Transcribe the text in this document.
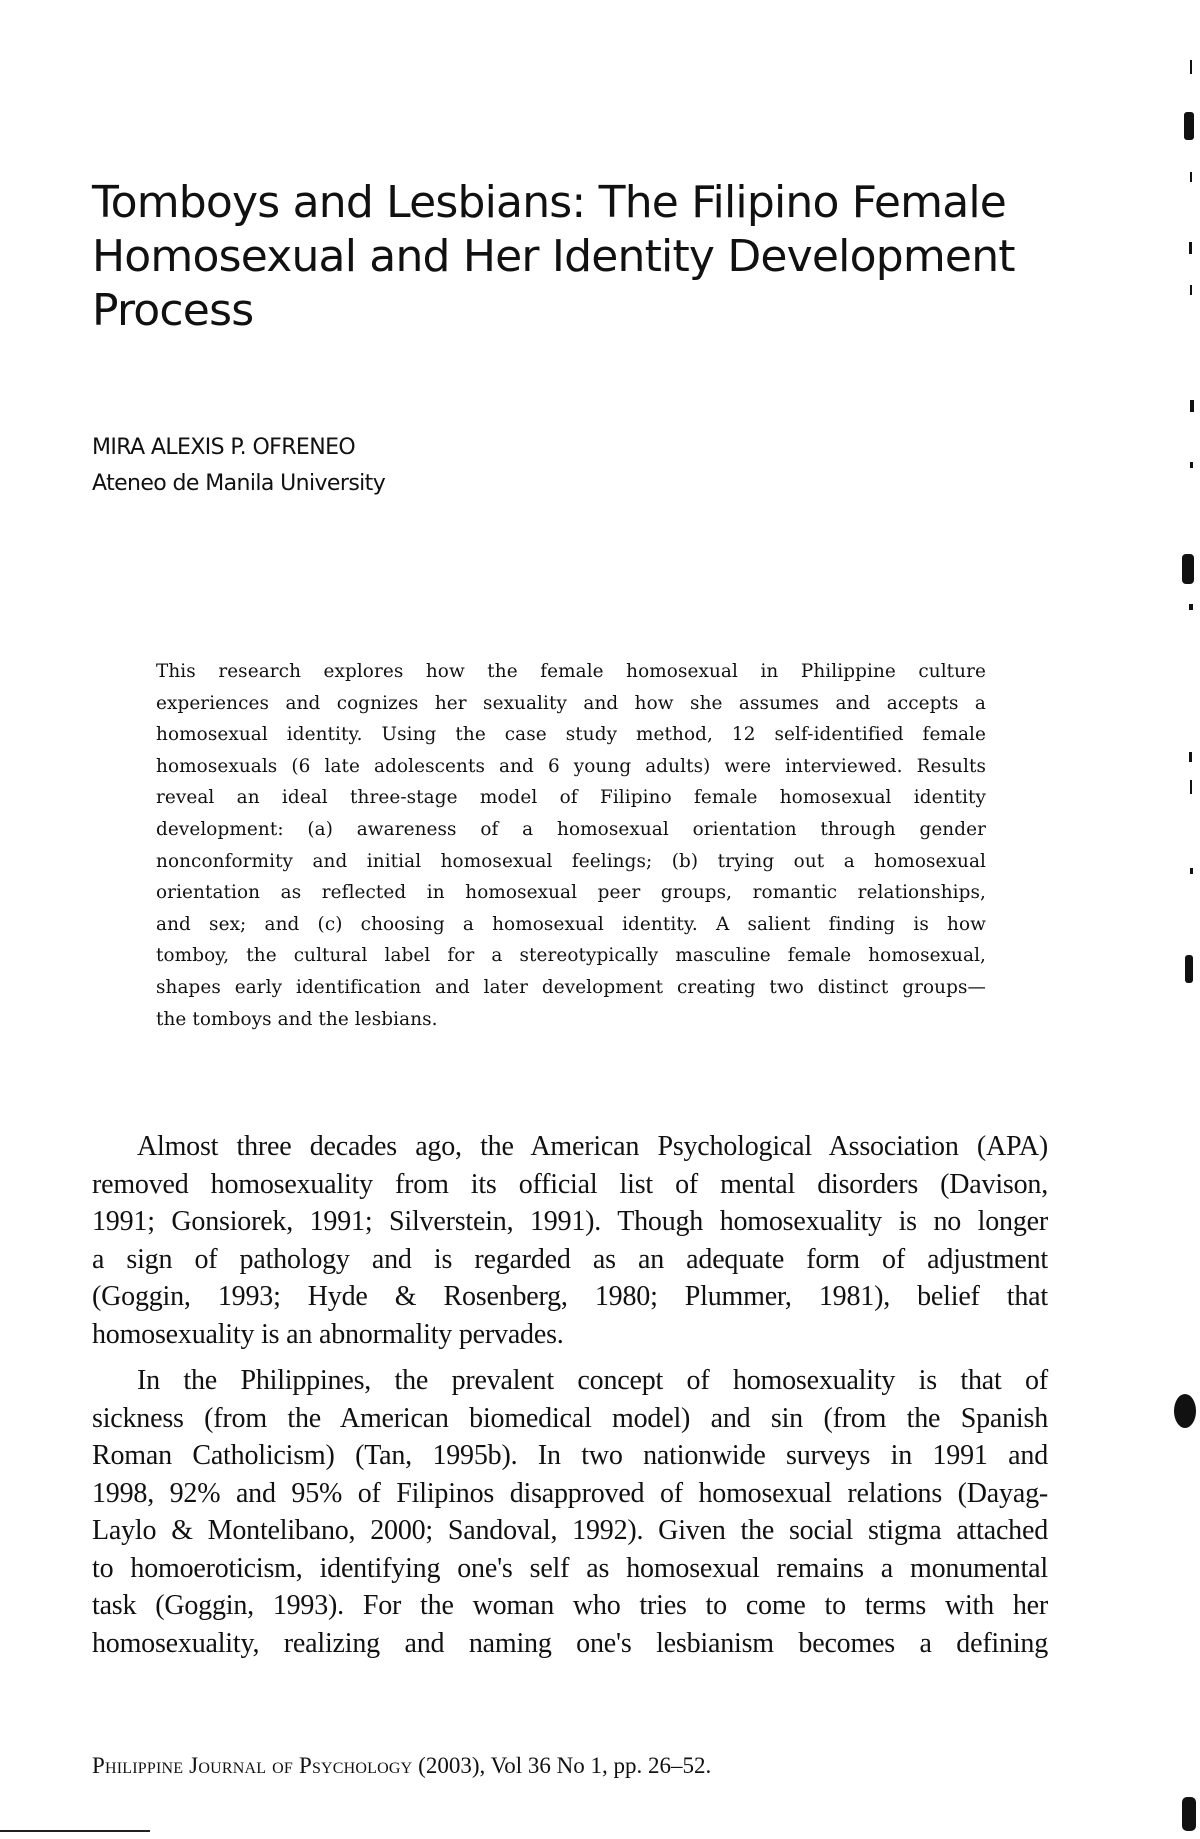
Tomboys and Lesbians: The Filipino Female
Homosexual and Her Identity Development
Process
MIRA ALEXIS P. OFRENEO
Ateneo de Manila University
This research explores how the female homosexual in Philippine culture
experiences and cognizes her sexuality and how she assumes and accepts a
homosexual identity. Using the case study method, 12 self-identified female
homosexuals (6 late adolescents and 6 young adults) were interviewed. Results
reveal an ideal three-stage model of Filipino female homosexual identity
development: (a) awareness of a homosexual orientation through gender
nonconformity and initial homosexual feelings; (b) trying out a homosexual
orientation as reflected in homosexual peer groups, romantic relationships,
and sex; and (c) choosing a homosexual identity. A salient finding is how
tomboy, the cultural label for a stereotypically masculine female homosexual,
shapes early identification and later development creating two distinct groups—
the tomboys and the lesbians.
Almost three decades ago, the American Psychological Association (APA)
removed homosexuality from its official list of mental disorders (Davison,
1991; Gonsiorek, 1991; Silverstein, 1991). Though homosexuality is no longer
a sign of pathology and is regarded as an adequate form of adjustment
(Goggin, 1993; Hyde & Rosenberg, 1980; Plummer, 1981), belief that
homosexuality is an abnormality pervades.
In the Philippines, the prevalent concept of homosexuality is that of
sickness (from the American biomedical model) and sin (from the Spanish
Roman Catholicism) (Tan, 1995b). In two nationwide surveys in 1991 and
1998, 92% and 95% of Filipinos disapproved of homosexual relations (Dayag-
Laylo & Montelibano, 2000; Sandoval, 1992). Given the social stigma attached
to homoeroticism, identifying one's self as homosexual remains a monumental
task (Goggin, 1993). For the woman who tries to come to terms with her
homosexuality, realizing and naming one's lesbianism becomes a defining
Philippine Journal of Psychology (2003), Vol 36 No 1, pp. 26–52.
